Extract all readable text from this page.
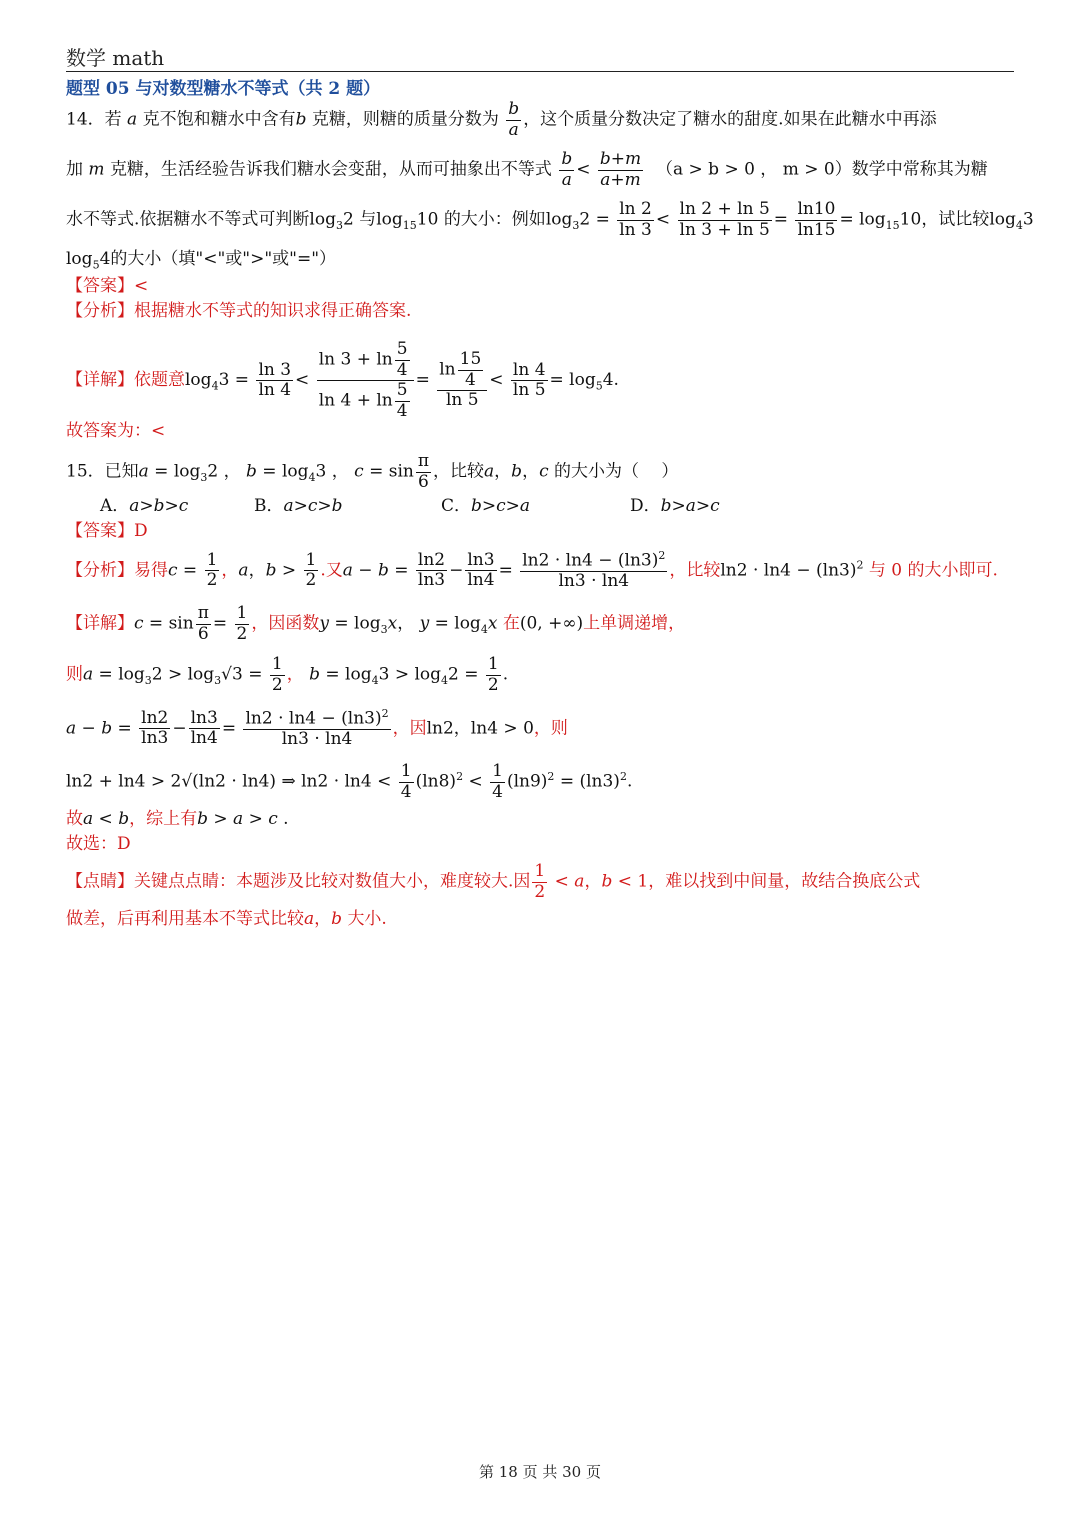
数学 math
题型 05 与对数型糖水不等式（共 2 题）
14．若 a 克不饱和糖水中含有b 克糖，则糖的质量分数为 $\frac{b}{a}$ ，这个质量分数决定了糖水的甜度.如果在此糖水中再添
加 m 克糖，生活经验告诉我们糖水会变甜，从而可抽象出不等式 $\frac{b}{a} < \frac{b+m}{a+m} (a > b > 0$ ， m > 0）数学中常称其为糖
水不等式.依据糖水不等式可判断$\log_32$ 与$\log_{15}10$ 的大小：例如$\log_32 = \frac{\ln 2}{\ln 3} < \frac{\ln 2 + \ln 5}{\ln 3 + \ln 5} = \frac{\ln 10}{\ln 15} = \log_{15}10$，试比较$\log_43$
$\log_54$的大小（填"<"或">"或"="）
【答案】<
【分析】根据糖水不等式的知识求得正确答案.
【详解】依题意$\log_43 = \frac{\ln 3}{\ln 4} < \frac{\ln 3 + \ln \frac{5}{4}}{\ln 4 + \ln \frac{5}{4}} = \frac{\ln \frac{15}{4}}{\ln 5} < \frac{\ln 4}{\ln 5} = \log_54$.
故答案为：<
15．已知$a = \log_32$ ， $b = \log_43$ ， $c = \sin \frac{\pi}{6}$ ，比较a，b，c 的大小为（　 ）
A．a>b>c	B．a>c>b	C．b>c>a	D．b>a>c
【答案】D
【分析】易得$c = \frac{1}{2}$ ，a，$b > \frac{1}{2}$ .又$a - b = \frac{\ln 2}{\ln 3} - \frac{\ln 3}{\ln 4} = \frac{\ln 2 \cdot \ln 4 - (\ln 3)^2}{\ln 3 \cdot \ln 4}$ ，比较$\ln 2 \cdot \ln 4 - (\ln 3)^2$ 与 0 的大小即可.
【详解】$c = \sin \frac{\pi}{6} = \frac{1}{2}$ ，因函数$y = \log_3x$， $y = \log_4x$ 在(0, +∞)上单调递增，
则$a = \log_32 > \log_3√3 = \frac{1}{2}$ ， $b = \log_43 > \log_42 = \frac{1}{2}$ .
$a - b = \frac{\ln 2}{\ln 3} - \frac{\ln 3}{\ln 4} = \frac{\ln 2 \cdot \ln 4 - (\ln 3)^2}{\ln 3 \cdot \ln 4}$ ，因ln2，ln4 > 0，则
ln2 + ln4 > 2√(ln2 · ln4) ⇒ $\ln 2 \cdot \ln 4 < \frac{1}{4} (\ln 8)^2 < \frac{1}{4} (\ln 9)^2 = (\ln 3)^2$.
故a < b，综上有b > a > c .
故选：D
【点睛】关键点点睛：本题涉及比较对数值大小，难度较大.因 $\frac{1}{2} < a$，b < 1，难以找到中间量，故结合换底公式
做差，后再利用基本不等式比较a，b 大小.
第 18 页 共 30 页
